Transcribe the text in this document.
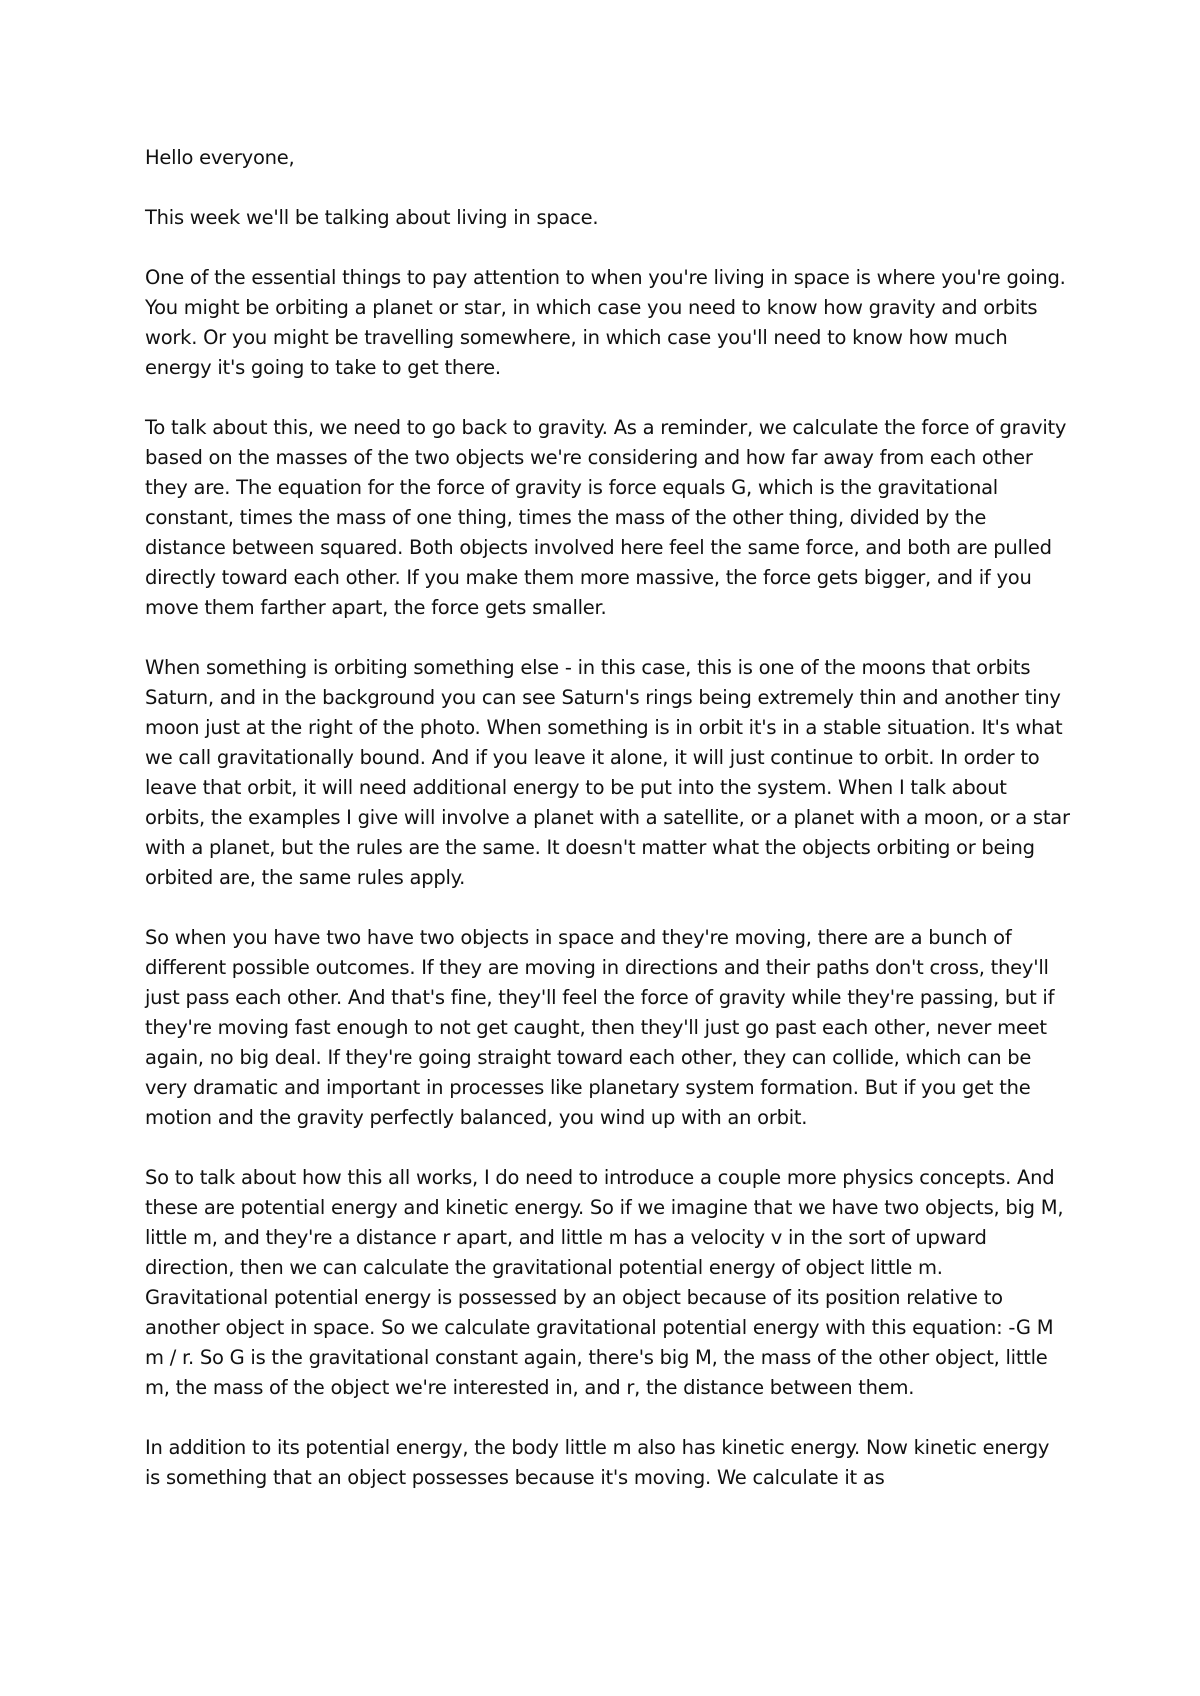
Hello everyone,

This week we'll be talking about living in space.

One of the essential things to pay attention to when you're living in space is where you're going. You might be orbiting a planet or star, in which case you need to know how gravity and orbits work. Or you might be travelling somewhere, in which case you'll need to know how much energy it's going to take to get there.

To talk about this, we need to go back to gravity. As a reminder, we calculate the force of gravity based on the masses of the two objects we're considering and how far away from each other they are. The equation for the force of gravity is force equals G, which is the gravitational constant, times the mass of one thing, times the mass of the other thing, divided by the distance between squared. Both objects involved here feel the same force, and both are pulled directly toward each other. If you make them more massive, the force gets bigger, and if you move them farther apart, the force gets smaller.

When something is orbiting something else - in this case, this is one of the moons that orbits Saturn, and in the background you can see Saturn's rings being extremely thin and another tiny moon just at the right of the photo. When something is in orbit it's in a stable situation. It's what we call gravitationally bound. And if you leave it alone, it will just continue to orbit. In order to leave that orbit, it will need additional energy to be put into the system. When I talk about orbits, the examples I give will involve a planet with a satellite, or a planet with a moon, or a star with a planet, but the rules are the same. It doesn't matter what the objects orbiting or being orbited are, the same rules apply.

So when you have two have two objects in space and they're moving, there are a bunch of different possible outcomes. If they are moving in directions and their paths don't cross, they'll just pass each other. And that's fine, they'll feel the force of gravity while they're passing, but if they're moving fast enough to not get caught, then they'll just go past each other, never meet again, no big deal. If they're going straight toward each other, they can collide, which can be very dramatic and important in processes like planetary system formation. But if you get the motion and the gravity perfectly balanced, you wind up with an orbit.

So to talk about how this all works, I do need to introduce a couple more physics concepts. And these are potential energy and kinetic energy. So if we imagine that we have two objects, big M, little m, and they're a distance r apart, and little m has a velocity v in the sort of upward direction, then we can calculate the gravitational potential energy of object little m. Gravitational potential energy is possessed by an object because of its position relative to another object in space. So we calculate gravitational potential energy with this equation: -G M m / r. So G is the gravitational constant again, there's big M, the mass of the other object, little m, the mass of the object we're interested in, and r, the distance between them.

In addition to its potential energy, the body little m also has kinetic energy. Now kinetic energy is something that an object possesses because it's moving. We calculate it as
